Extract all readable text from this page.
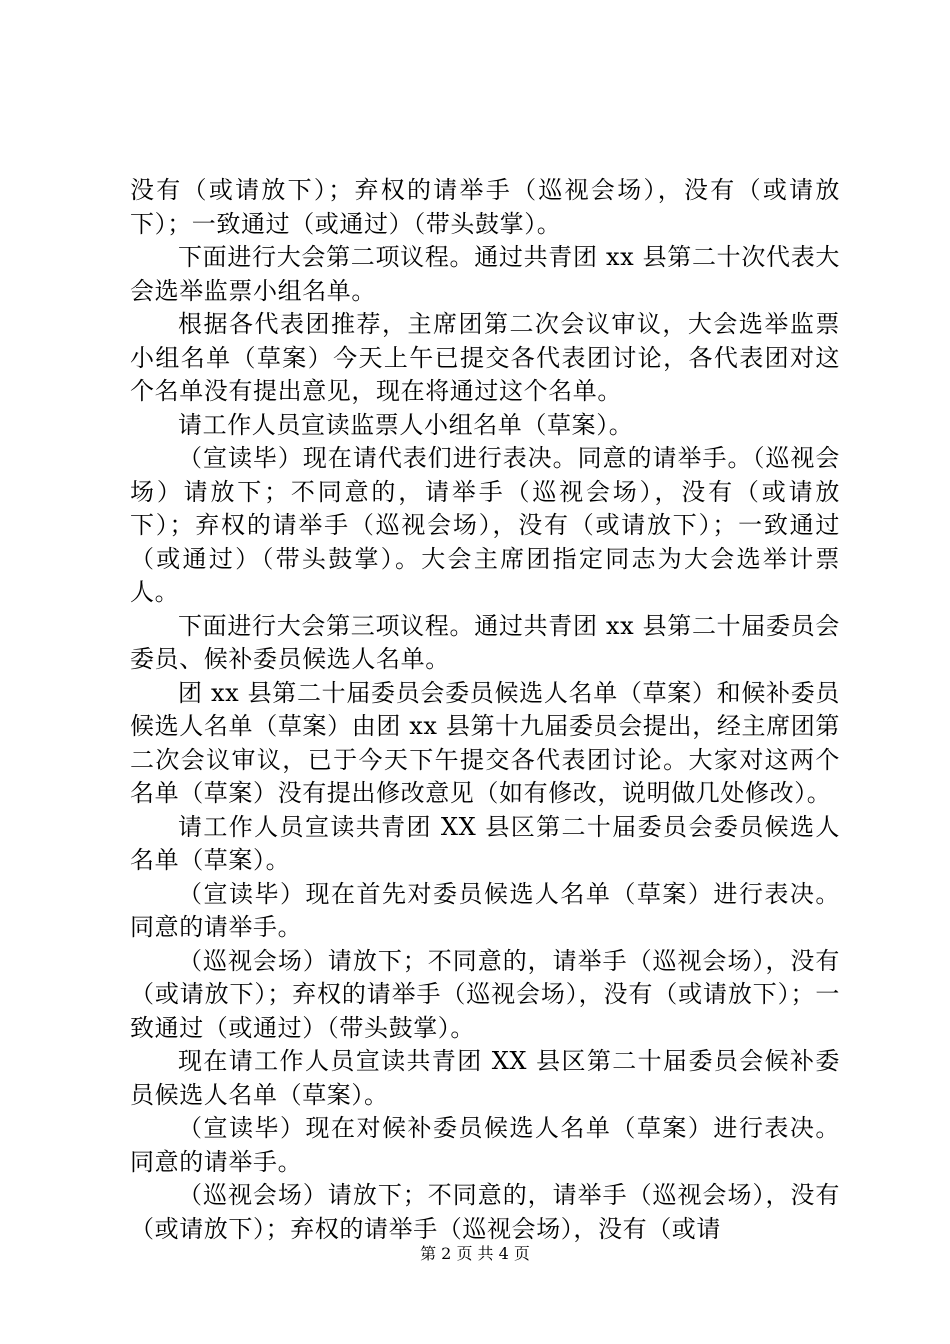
没有（或请放下）；弃权的请举手（巡视会场），没有（或请放下）；一致通过（或通过）（带头鼓掌）。

下面进行大会第二项议程。通过共青团 xx 县第二十次代表大会选举监票小组名单。

根据各代表团推荐，主席团第二次会议审议，大会选举监票小组名单（草案）今天上午已提交各代表团讨论，各代表团对这个名单没有提出意见，现在将通过这个名单。

请工作人员宣读监票人小组名单（草案）。

（宣读毕）现在请代表们进行表决。同意的请举手。（巡视会场）请放下；不同意的，请举手（巡视会场），没有（或请放下）；弃权的请举手（巡视会场），没有（或请放下）；一致通过（或通过）（带头鼓掌）。大会主席团指定同志为大会选举计票人。

下面进行大会第三项议程。通过共青团 xx 县第二十届委员会委员、候补委员候选人名单。

团 xx 县第二十届委员会委员候选人名单（草案）和候补委员候选人名单（草案）由团 xx 县第十九届委员会提出，经主席团第二次会议审议，已于今天下午提交各代表团讨论。大家对这两个名单（草案）没有提出修改意见（如有修改，说明做几处修改）。

请工作人员宣读共青团 XX 县区第二十届委员会委员候选人名单（草案）。

（宣读毕）现在首先对委员候选人名单（草案）进行表决。同意的请举手。

（巡视会场）请放下；不同意的，请举手（巡视会场），没有（或请放下）；弃权的请举手（巡视会场），没有（或请放下）；一致通过（或通过）（带头鼓掌）。

现在请工作人员宣读共青团 XX 县区第二十届委员会候补委员候选人名单（草案）。

（宣读毕）现在对候补委员候选人名单（草案）进行表决。同意的请举手。

（巡视会场）请放下；不同意的，请举手（巡视会场），没有（或请放下）；弃权的请举手（巡视会场），没有（或请

第 2 页 共 4 页
